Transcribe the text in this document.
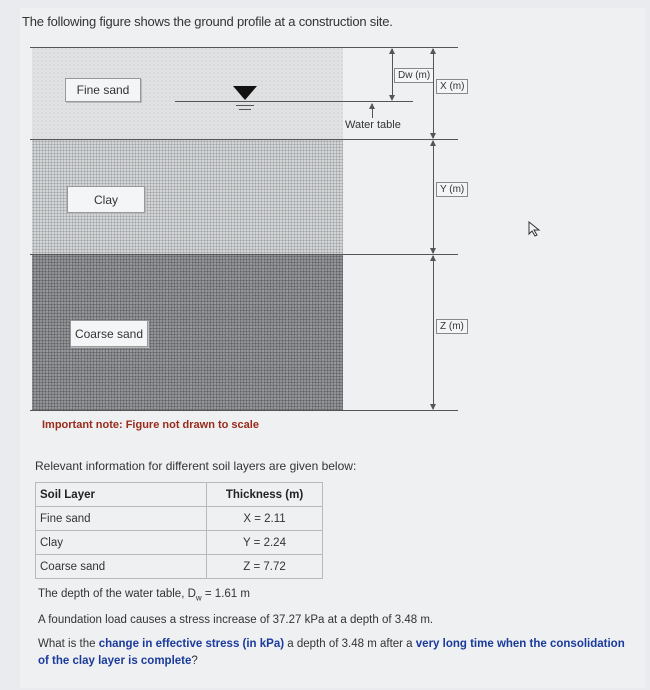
The following figure shows the ground profile at a construction site.
Fine sand
Clay
Coarse sand
Dw (m)
Water table
X (m)
Y (m)
Z (m)
Important note: Figure not drawn to scale
Relevant information for different soil layers are given below:
Soil Layer	Thickness (m)
Fine sand	X = 2.11
Clay	Y = 2.24
Coarse sand	Z = 7.72
The depth of the water table, $D_w = 1.61$ m
A foundation load causes a stress increase of 37.27 kPa at a depth of 3.48 m.
What is the change in effective stress (in kPa) a depth of 3.48 m after a very long time when the consolidation of the clay layer is complete?
